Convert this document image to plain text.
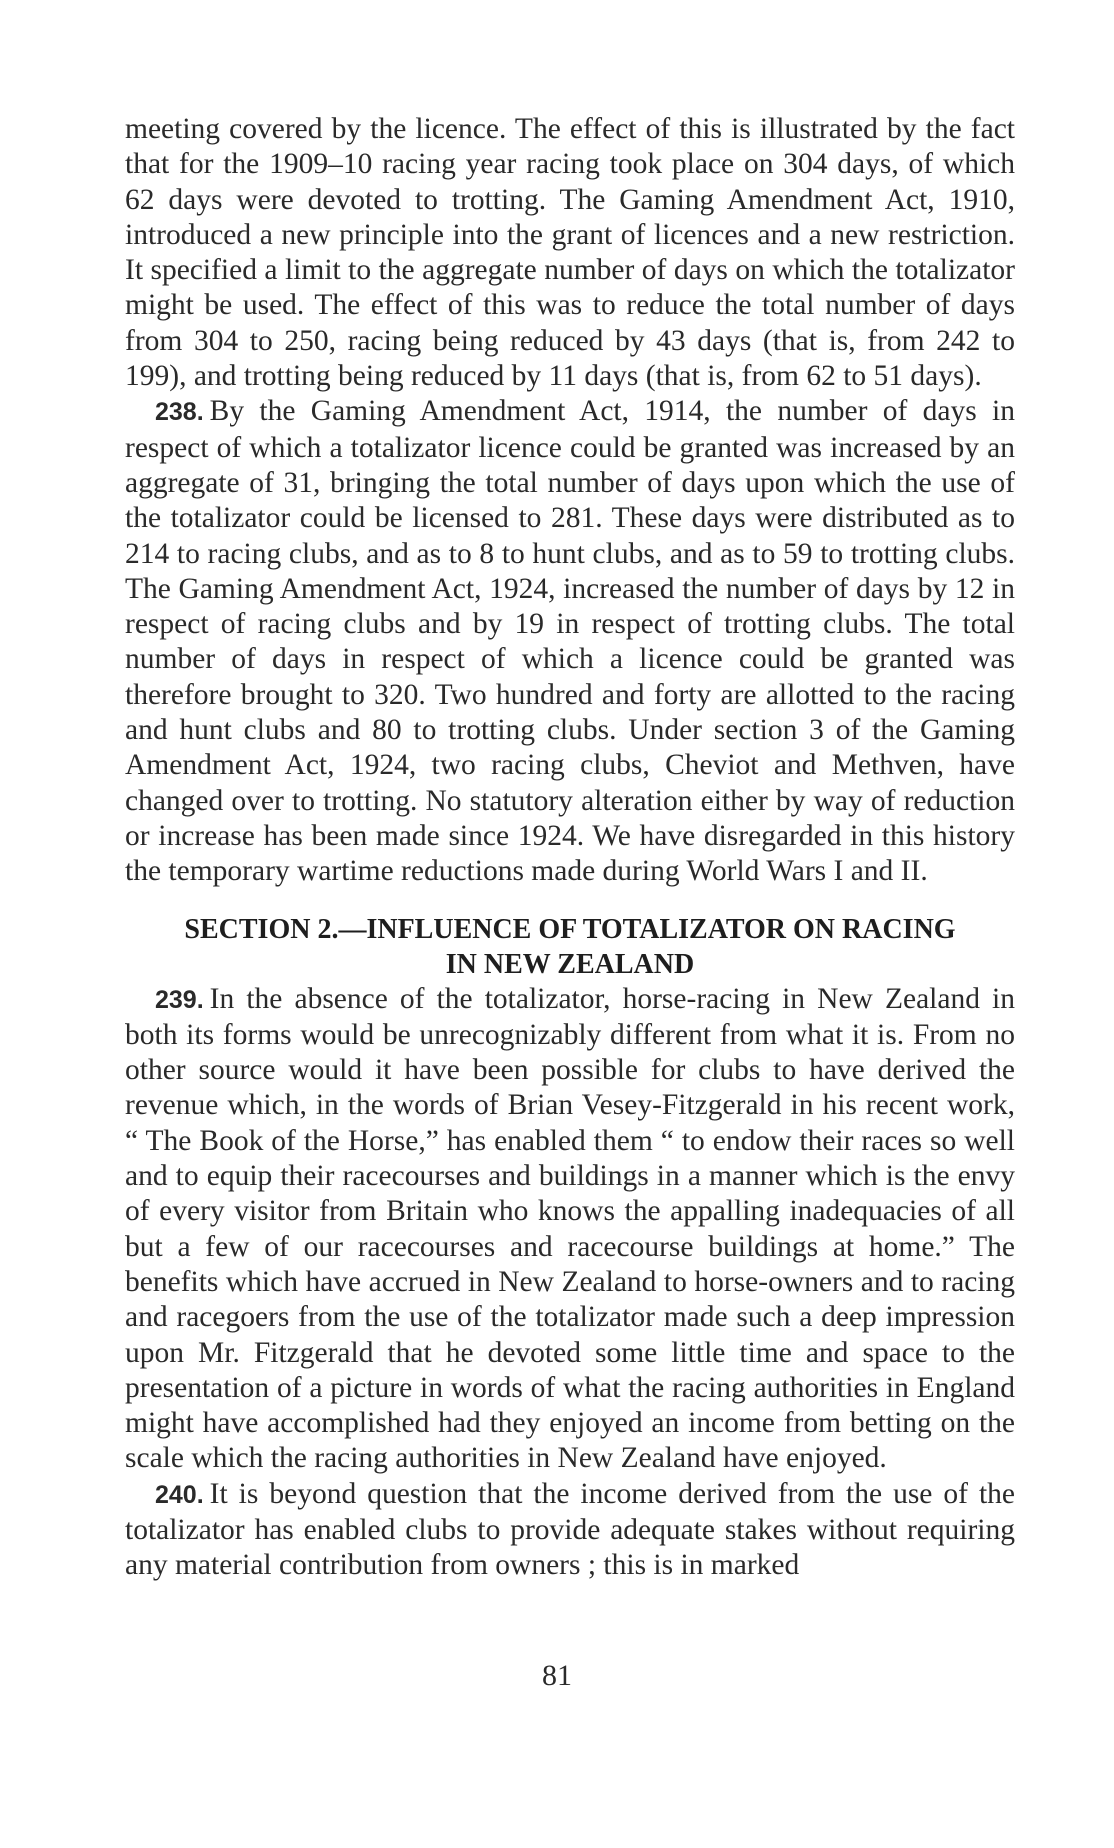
meeting covered by the licence. The effect of this is illustrated by the fact that for the 1909–10 racing year racing took place on 304 days, of which 62 days were devoted to trotting. The Gaming Amendment Act, 1910, introduced a new principle into the grant of licences and a new restriction. It specified a limit to the aggregate number of days on which the totalizator might be used. The effect of this was to reduce the total number of days from 304 to 250, racing being reduced by 43 days (that is, from 242 to 199), and trotting being reduced by 11 days (that is, from 62 to 51 days).

238. By the Gaming Amendment Act, 1914, the number of days in respect of which a totalizator licence could be granted was increased by an aggregate of 31, bringing the total number of days upon which the use of the totalizator could be licensed to 281. These days were distributed as to 214 to racing clubs, and as to 8 to hunt clubs, and as to 59 to trotting clubs. The Gaming Amendment Act, 1924, increased the number of days by 12 in respect of racing clubs and by 19 in respect of trotting clubs. The total number of days in respect of which a licence could be granted was therefore brought to 320. Two hundred and forty are allotted to the racing and hunt clubs and 80 to trotting clubs. Under section 3 of the Gaming Amendment Act, 1924, two racing clubs, Cheviot and Methven, have changed over to trotting. No statutory alteration either by way of reduction or increase has been made since 1924. We have disregarded in this history the temporary wartime reductions made during World Wars I and II.

SECTION 2.—INFLUENCE OF TOTALIZATOR ON RACING
IN NEW ZEALAND

239. In the absence of the totalizator, horse-racing in New Zealand in both its forms would be unrecognizably different from what it is. From no other source would it have been possible for clubs to have derived the revenue which, in the words of Brian Vesey-Fitzgerald in his recent work, “ The Book of the Horse,” has enabled them “ to endow their races so well and to equip their racecourses and buildings in a manner which is the envy of every visitor from Britain who knows the appalling inadequacies of all but a few of our racecourses and racecourse buildings at home.” The benefits which have accrued in New Zealand to horse-owners and to racing and racegoers from the use of the totalizator made such a deep impression upon Mr. Fitzgerald that he devoted some little time and space to the presentation of a picture in words of what the racing authorities in England might have accomplished had they enjoyed an income from betting on the scale which the racing authorities in New Zealand have enjoyed.

240. It is beyond question that the income derived from the use of the totalizator has enabled clubs to provide adequate stakes without requiring any material contribution from owners ; this is in marked

81
